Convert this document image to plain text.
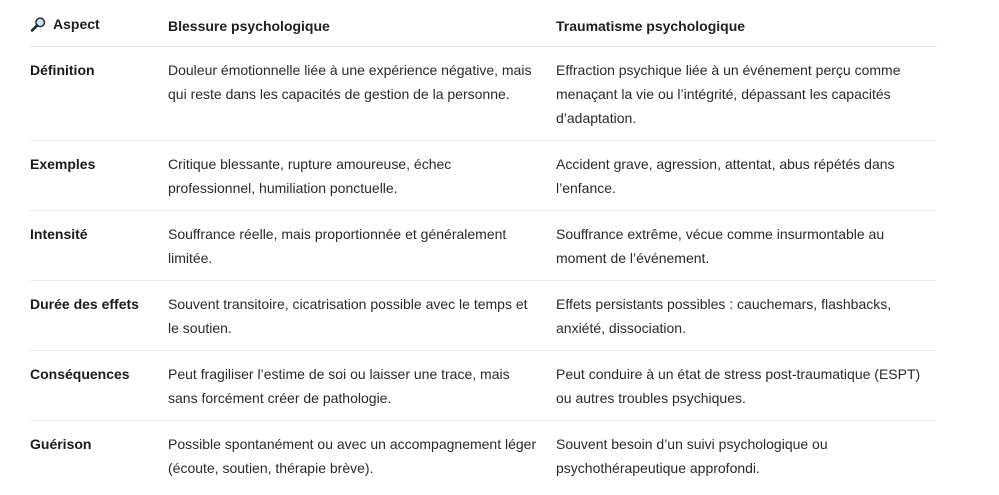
Aspect	Blessure psychologique	Traumatisme psychologique
Définition	Douleur émotionnelle liée à une expérience négative, mais qui reste dans les capacités de gestion de la personne.	Effraction psychique liée à un événement perçu comme menaçant la vie ou l’intégrité, dépassant les capacités d’adaptation.
Exemples	Critique blessante, rupture amoureuse, échec professionnel, humiliation ponctuelle.	Accident grave, agression, attentat, abus répétés dans l’enfance.
Intensité	Souffrance réelle, mais proportionnée et généralement limitée.	Souffrance extrême, vécue comme insurmontable au moment de l’événement.
Durée des effets	Souvent transitoire, cicatrisation possible avec le temps et le soutien.	Effets persistants possibles : cauchemars, flashbacks, anxiété, dissociation.
Conséquences	Peut fragiliser l’estime de soi ou laisser une trace, mais sans forcément créer de pathologie.	Peut conduire à un état de stress post-traumatique (ESPT) ou autres troubles psychiques.
Guérison	Possible spontanément ou avec un accompagnement léger (écoute, soutien, thérapie brève).	Souvent besoin d’un suivi psychologique ou psychothérapeutique approfondi.
